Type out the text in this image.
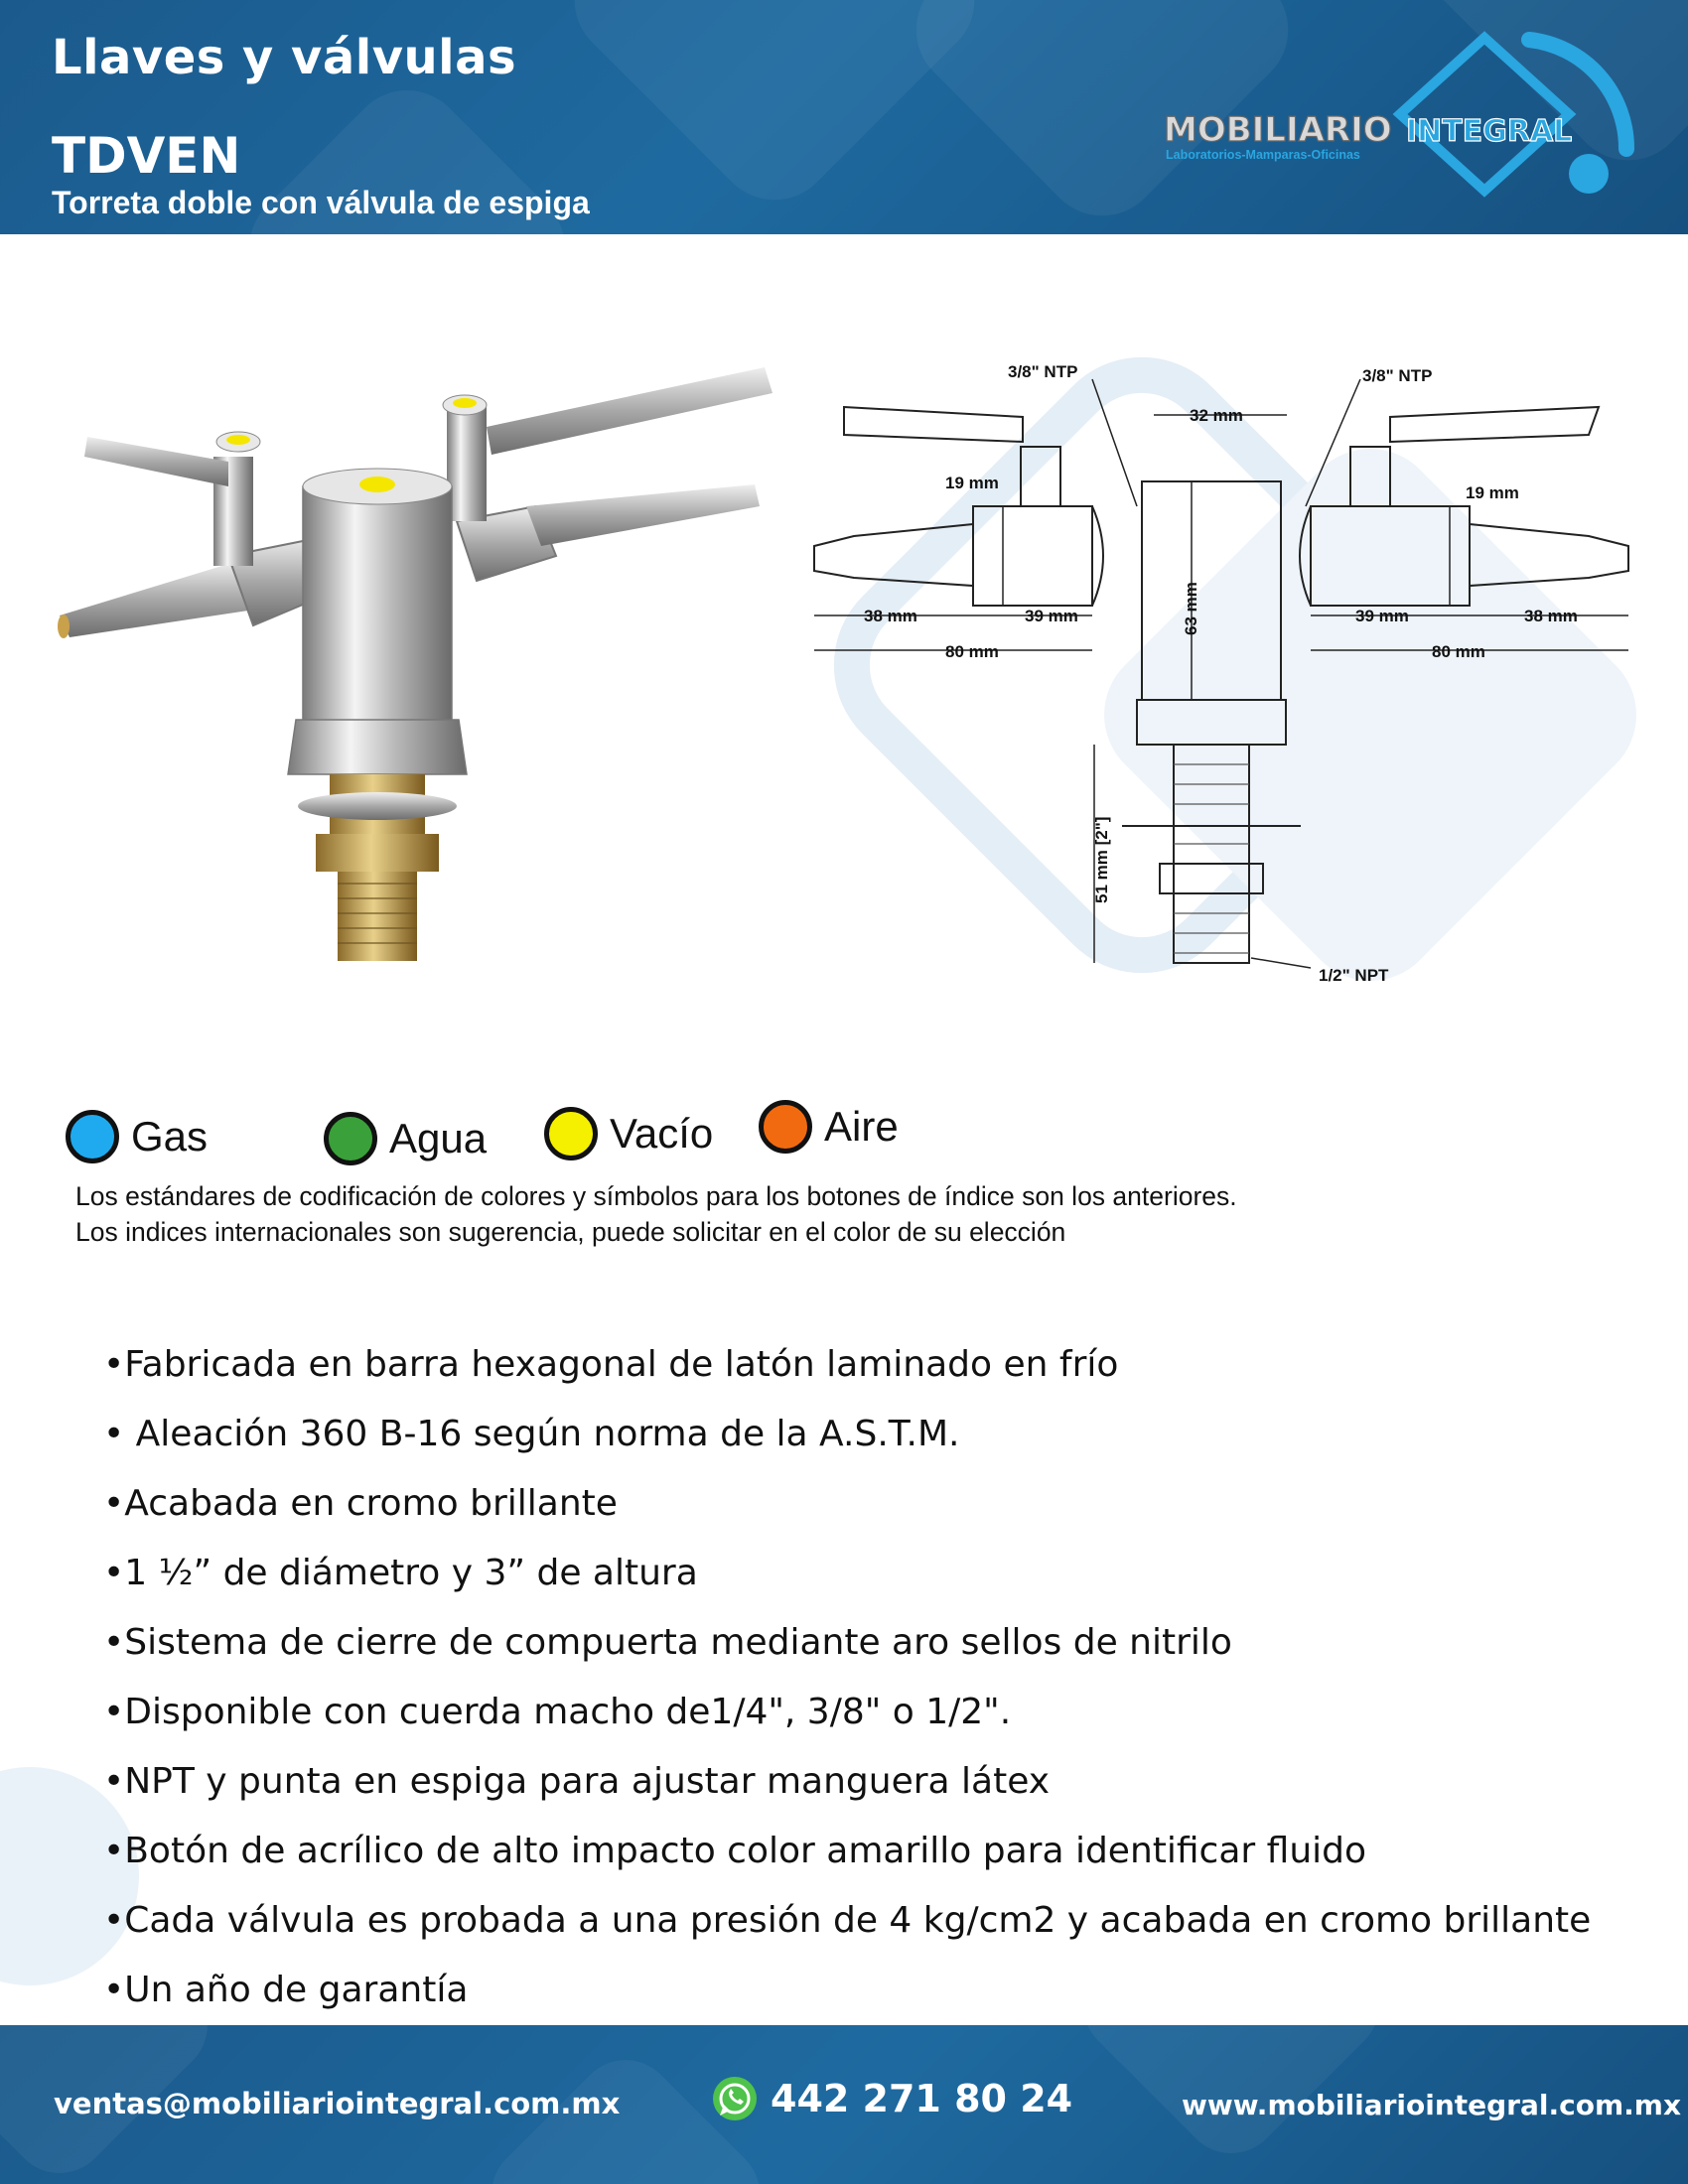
Llaves y válvulas
TDVEN
Torreta doble con válvula de espiga
MOBILIARIO INTEGRAL
Laboratorios-Mamparas-Oficinas
3/8" NTP	3/8" NTP
32 mm
19 mm
19 mm
38 mm	39 mm
80 mm
39 mm	38 mm
80 mm
63 mm
51 mm [2"]
1/2" NPT
Gas	Agua	Vacío	Aire
Los estándares de codificación de colores y símbolos para los botones de índice son los anteriores.
Los indices internacionales son sugerencia, puede solicitar en el color de su elección
•Fabricada en barra hexagonal de latón laminado en frío
• Aleación 360 B-16 según norma de la A.S.T.M.
•Acabada en cromo brillante
•1 ½” de diámetro y 3” de altura
•Sistema de cierre de compuerta mediante aro sellos de nitrilo
•Disponible con cuerda macho de1/4", 3/8" o 1/2".
•NPT y punta en espiga para ajustar manguera látex
•Botón de acrílico de alto impacto color amarillo para identificar fluido
•Cada válvula es probada a una presión de 4 kg/cm2 y acabada en cromo brillante
•Un año de garantía
ventas@mobiliariointegral.com.mx	442 271 80 24	www.mobiliariointegral.com.mx
